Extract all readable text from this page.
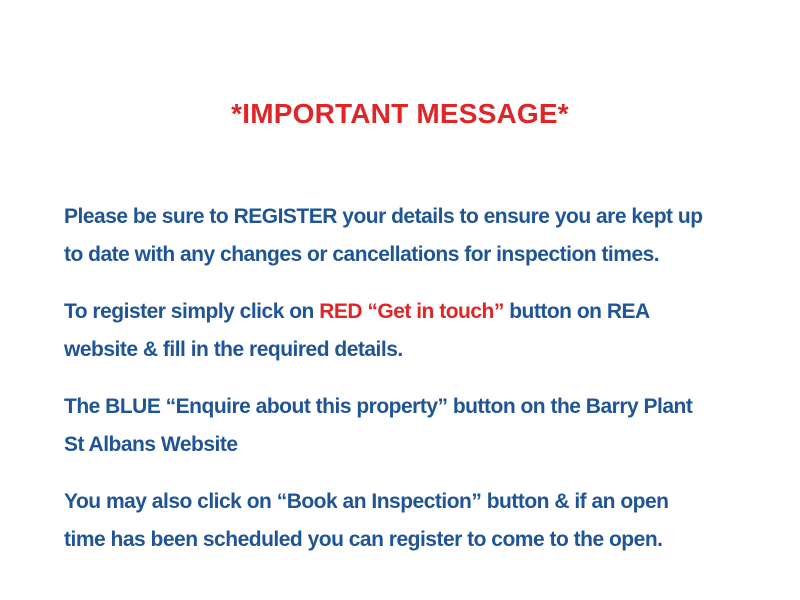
*IMPORTANT MESSAGE*

Please be sure to REGISTER your details to ensure you are kept up
to date with any changes or cancellations for inspection times.

To register simply click on RED “Get in touch” button on REA
website & fill in the required details.

The BLUE “Enquire about this property” button on the Barry Plant
St Albans Website

You may also click on “Book an Inspection” button & if an open
time has been scheduled you can register to come to the open.
